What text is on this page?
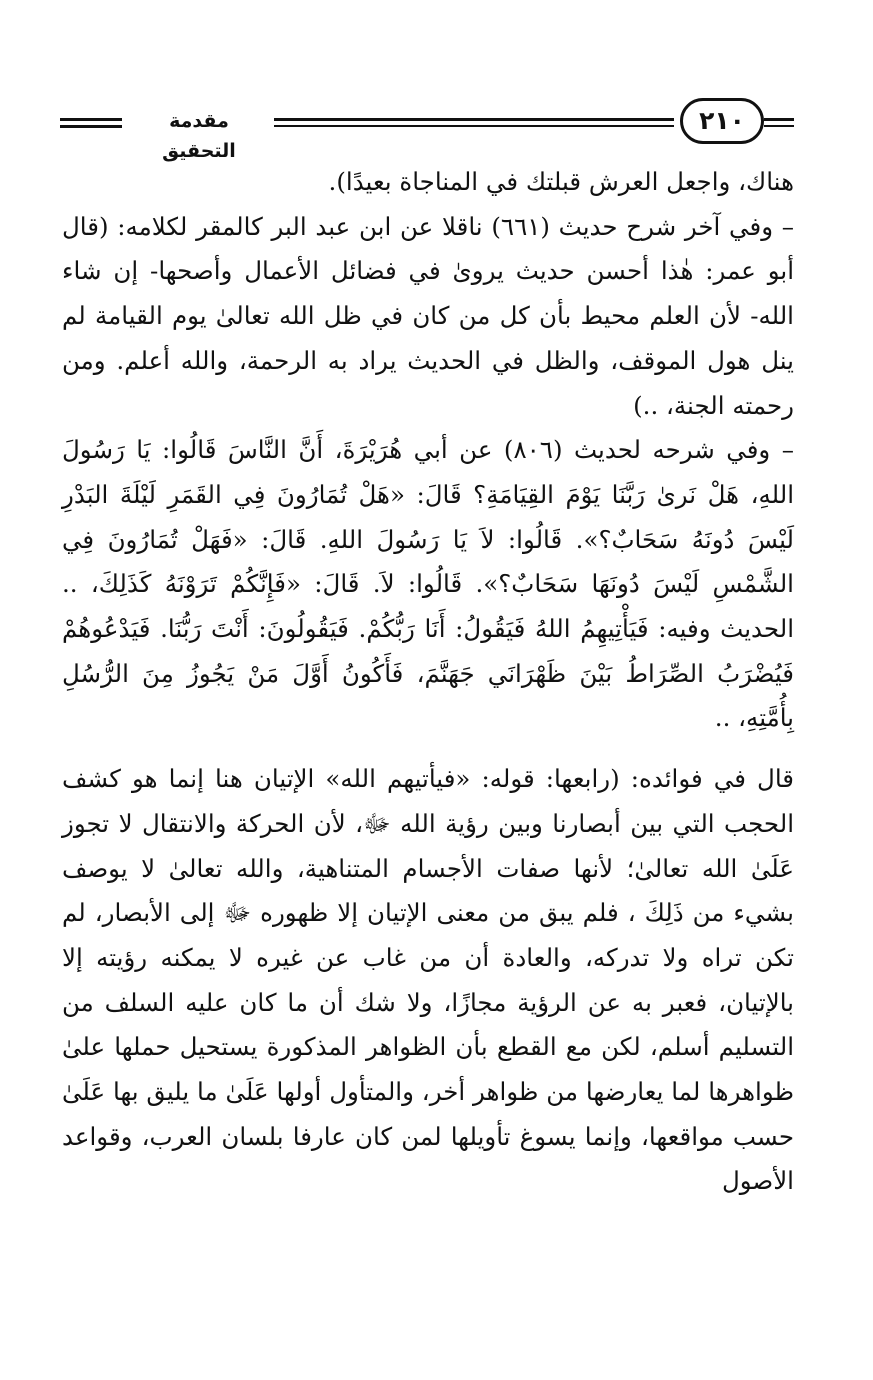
مقدمة التحقيق
٢١٠

هناك، واجعل العرش قبلتك في المناجاة بعيدًا).

– وفي آخر شرح حديث (٦٦١) ناقلا عن ابن عبد البر كالمقر لكلامه: (قال أبو عمر: هٰذا أحسن حديث يرویٰ في فضائل الأعمال وأصحها- إن شاء الله- لأن العلم محيط بأن كل من كان في ظل الله تعالىٰ يوم القيامة لم ينل هول الموقف، والظل في الحديث يراد به الرحمة، والله أعلم. ومن رحمته الجنة، ..)

– وفي شرحه لحديث (٨٠٦) عن أبي هُرَيْرَةَ، أَنَّ النَّاسَ قَالُوا: يَا رَسُولَ اللهِ، هَلْ نَرىٰ رَبَّنَا يَوْمَ القِيَامَةِ؟ قَالَ: «هَلْ تُمَارُونَ فِي القَمَرِ لَيْلَةَ البَدْرِ لَيْسَ دُونَهُ سَحَابٌ؟». قَالُوا: لاَ يَا رَسُولَ اللهِ. قَالَ: «فَهَلْ تُمَارُونَ فِي الشَّمْسِ لَيْسَ دُونَهَا سَحَابٌ؟». قَالُوا: لاَ. قَالَ: «فَإِنَّكُمْ تَرَوْنَهُ كَذَلِكَ، .. الحديث وفيه: فَيَأْتِيهِمُ اللهُ فَيَقُولُ: أَنَا رَبُّكُمْ. فَيَقُولُونَ: أَنْتَ رَبُّنَا. فَيَدْعُوهُمْ فَيُضْرَبُ الصِّرَاطُ بَيْنَ ظَهْرَانَي جَهَنَّمَ، فَأَكُونُ أَوَّلَ مَنْ يَجُوزُ مِنَ الرُّسُلِ بِأُمَّتِهِ، ..

قال في فوائده: (رابعها: قوله: «فيأتيهم الله» الإتيان هنا إنما هو كشف الحجب التي بين أبصارنا وبين رؤية الله ﷻ، لأن الحركة والانتقال لا تجوز عَلَىٰ الله تعالىٰ؛ لأنها صفات الأجسام المتناهية، والله تعالىٰ لا يوصف بشيء من ذَلِكَ ، فلم يبق من معنى الإتيان إلا ظهوره ﷻ إلى الأبصار، لم تكن تراه ولا تدركه، والعادة أن من غاب عن غيره لا يمكنه رؤيته إلا بالإتيان، فعبر به عن الرؤية مجازًا، ولا شك أن ما كان عليه السلف من التسليم أسلم، لكن مع القطع بأن الظواهر المذكورة يستحيل حملها علىٰ ظواهرها لما يعارضها من ظواهر أخر، والمتأول أولها عَلَىٰ ما يليق بها عَلَىٰ حسب مواقعها، وإنما يسوغ تأويلها لمن كان عارفا بلسان العرب، وقواعد الأصول
